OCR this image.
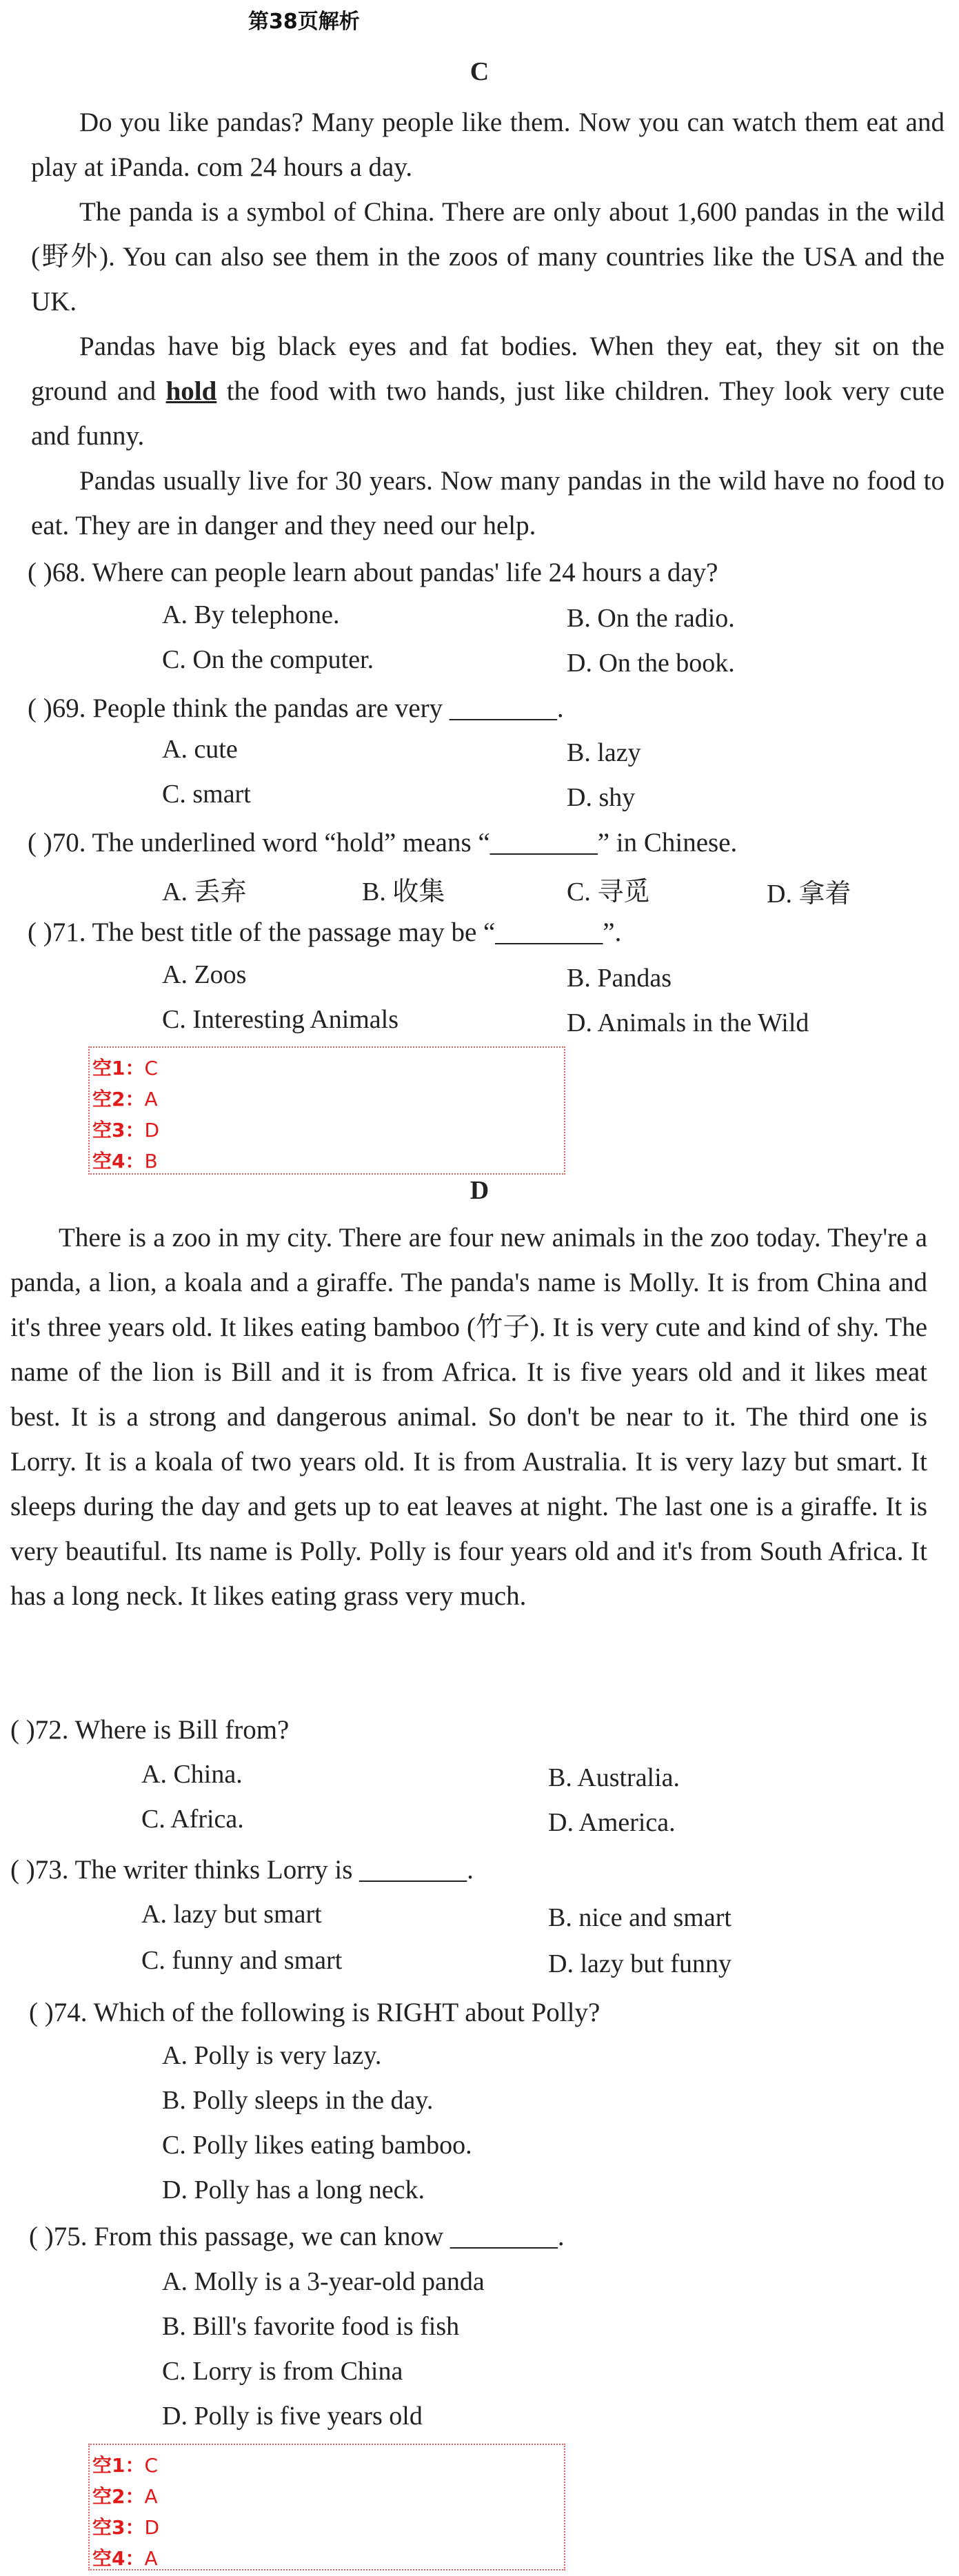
第38页解析
C
Do you like pandas? Many people like them. Now you can watch them eat and play at iPanda. com 24 hours a day.
The panda is a symbol of China. There are only about 1,600 pandas in the wild (野外). You can also see them in the zoos of many countries like the USA and the UK.
Pandas have big black eyes and fat bodies. When they eat, they sit on the ground and hold the food with two hands, just like children. They look very cute and funny.
Pandas usually live for 30 years. Now many pandas in the wild have no food to eat. They are in danger and they need our help.
( )68. Where can people learn about pandas' life 24 hours a day?
A. By telephone.	B. On the radio.
C. On the computer.	D. On the book.
( )69. People think the pandas are very ________.
A. cute	B. lazy
C. smart	D. shy
( )70. The underlined word “hold” means “________” in Chinese.
A. 丢弃	B. 收集	C. 寻觅	D. 拿着
( )71. The best title of the passage may be “________”.
A. Zoos	B. Pandas
C. Interesting Animals	D. Animals in the Wild
空1：C
空2：A
空3：D
空4：B
D
There is a zoo in my city. There are four new animals in the zoo today. They're a panda, a lion, a koala and a giraffe. The panda's name is Molly. It is from China and it's three years old. It likes eating bamboo (竹子). It is very cute and kind of shy. The name of the lion is Bill and it is from Africa. It is five years old and it likes meat best. It is a strong and dangerous animal. So don't be near to it. The third one is Lorry. It is a koala of two years old. It is from Australia. It is very lazy but smart. It sleeps during the day and gets up to eat leaves at night. The last one is a giraffe. It is very beautiful. Its name is Polly. Polly is four years old and it's from South Africa. It has a long neck. It likes eating grass very much.
( )72. Where is Bill from?
A. China.	B. Australia.
C. Africa.	D. America.
( )73. The writer thinks Lorry is ________.
A. lazy but smart	B. nice and smart
C. funny and smart	D. lazy but funny
( )74. Which of the following is RIGHT about Polly?
A. Polly is very lazy.
B. Polly sleeps in the day.
C. Polly likes eating bamboo.
D. Polly has a long neck.
( )75. From this passage, we can know ________.
A. Molly is a 3-year-old panda
B. Bill's favorite food is fish
C. Lorry is from China
D. Polly is five years old
空1：C
空2：A
空3：D
空4：A
